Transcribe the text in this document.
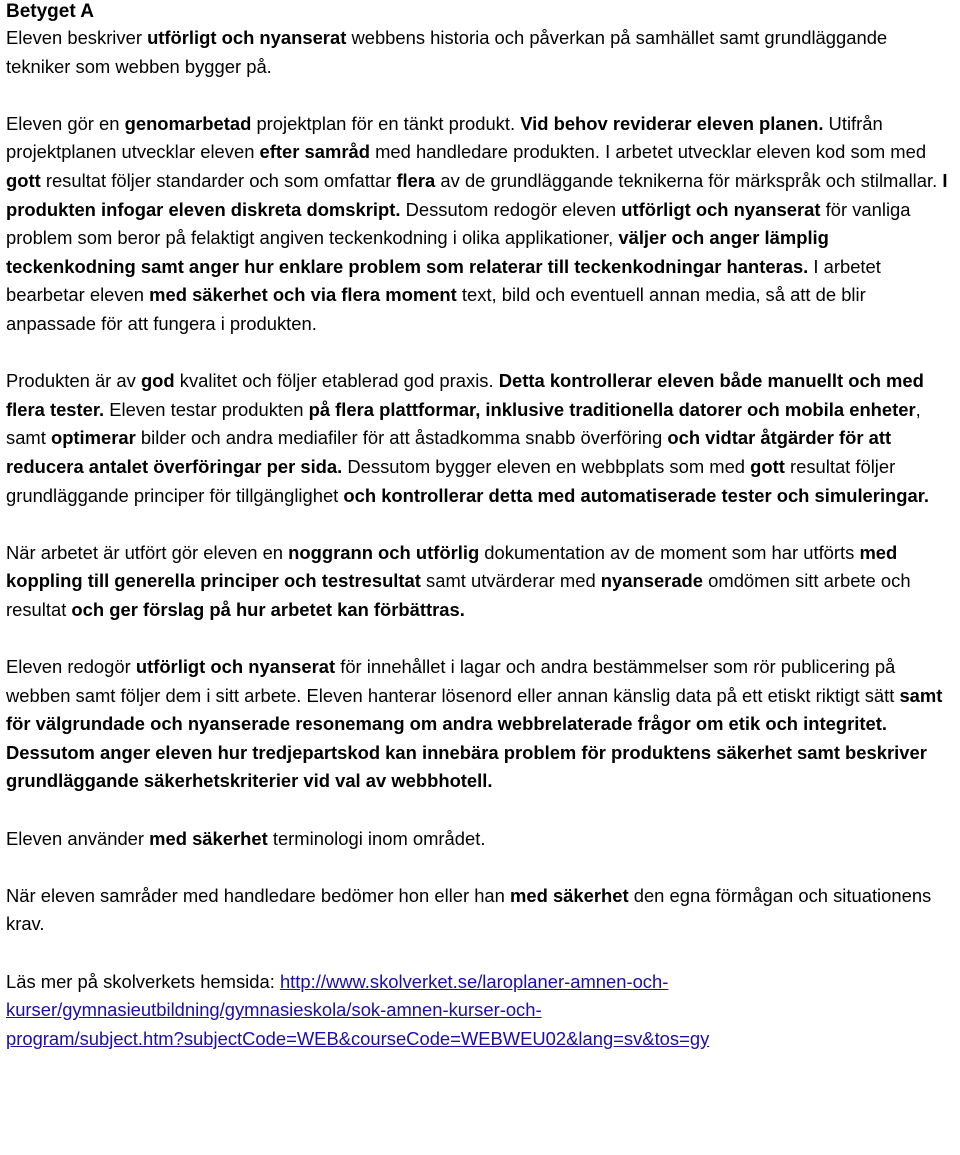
Betyget A

Eleven beskriver utförligt och nyanserat webbens historia och påverkan på samhället samt grundläggande tekniker som webben bygger på.

Eleven gör en genomarbetad projektplan för en tänkt produkt. Vid behov reviderar eleven planen. Utifrån projektplanen utvecklar eleven efter samråd med handledare produkten. I arbetet utvecklar eleven kod som med gott resultat följer standarder och som omfattar flera av de grundläggande teknikerna för märkspråk och stilmallar. I produkten infogar eleven diskreta domskript. Dessutom redogör eleven utförligt och nyanserat för vanliga problem som beror på felaktigt angiven teckenkodning i olika applikationer, väljer och anger lämplig teckenkodning samt anger hur enklare problem som relaterar till teckenkodningar hanteras. I arbetet bearbetar eleven med säkerhet och via flera moment text, bild och eventuell annan media, så att de blir anpassade för att fungera i produkten.

Produkten är av god kvalitet och följer etablerad god praxis. Detta kontrollerar eleven både manuellt och med flera tester. Eleven testar produkten på flera plattformar, inklusive traditionella datorer och mobila enheter, samt optimerar bilder och andra mediafiler för att åstadkomma snabb överföring och vidtar åtgärder för att reducera antalet överföringar per sida. Dessutom bygger eleven en webbplats som med gott resultat följer grundläggande principer för tillgänglighet och kontrollerar detta med automatiserade tester och simuleringar.

När arbetet är utfört gör eleven en noggrann och utförlig dokumentation av de moment som har utförts med koppling till generella principer och testresultat samt utvärderar med nyanserade omdömen sitt arbete och resultat och ger förslag på hur arbetet kan förbättras.

Eleven redogör utförligt och nyanserat för innehållet i lagar och andra bestämmelser som rör publicering på webben samt följer dem i sitt arbete. Eleven hanterar lösenord eller annan känslig data på ett etiskt riktigt sätt samt för välgrundade och nyanserade resonemang om andra webbrelaterade frågor om etik och integritet. Dessutom anger eleven hur tredjepartskod kan innebära problem för produktens säkerhet samt beskriver grundläggande säkerhetskriterier vid val av webbhotell.

Eleven använder med säkerhet terminologi inom området.

När eleven samråder med handledare bedömer hon eller han med säkerhet den egna förmågan och situationens krav.

Läs mer på skolverkets hemsida: http://www.skolverket.se/laroplaner-amnen-och-
kurser/gymnasieutbildning/gymnasieskola/sok-amnen-kurser-och-
program/subject.htm?subjectCode=WEB&courseCode=WEBWEU02&lang=sv&tos=gy
